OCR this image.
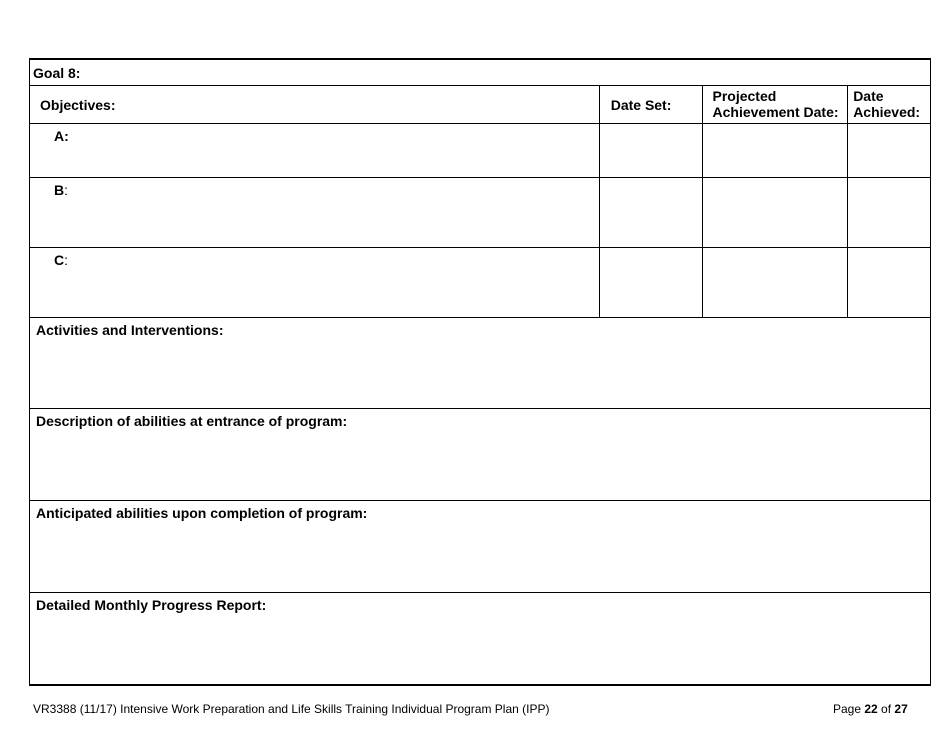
Goal 8:
Objectives:	Date Set:
Projected
Achievement Date:
Date
Achieved:
A:
B:
C:
Activities and Interventions:
Description of abilities at entrance of program:
Anticipated abilities upon completion of program:
Detailed Monthly Progress Report:
VR3388 (11/17) Intensive Work Preparation and Life Skills Training Individual Program Plan (IPP)	Page 22 of 27
